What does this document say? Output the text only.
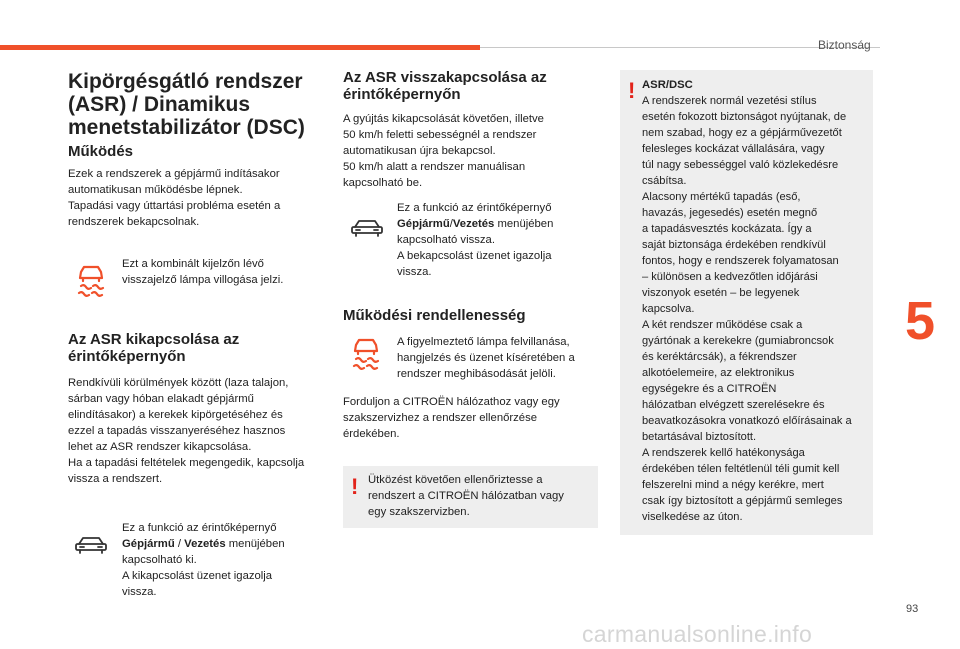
Biztonság
5
93
carmanualsonline.info
Kipörgésgátló rendszer
(ASR) / Dinamikus
menetstabilizátor (DSC)
Működés

Ezek a rendszerek a gépjármű indításakor
automatikusan működésbe lépnek.
Tapadási vagy úttartási probléma esetén a
rendszerek bekapcsolnak.

Ezt a kombinált kijelzőn lévő
visszajelző lámpa villogása jelzi.

Az ASR kikapcsolása az
érintőképernyőn

Rendkívüli körülmények között (laza talajon,
sárban vagy hóban elakadt gépjármű
elindításakor) a kerekek kipörgetéséhez és
ezzel a tapadás visszanyeréséhez hasznos
lehet az ASR rendszer kikapcsolása.
Ha a tapadási feltételek megengedik, kapcsolja
vissza a rendszert.

Ez a funkció az érintőképernyő
Gépjármű / Vezetés menüjében
kapcsolható ki.
A kikapcsolást üzenet igazolja
vissza.

Az ASR visszakapcsolása az
érintőképernyőn

A gyújtás kikapcsolását követően, illetve
50 km/h feletti sebességnél a rendszer
automatikusan újra bekapcsol.
50 km/h alatt a rendszer manuálisan
kapcsolható be.

Ez a funkció az érintőképernyő
Gépjármű/Vezetés menüjében
kapcsolható vissza.
A bekapcsolást üzenet igazolja
vissza.

Működési rendellenesség

A figyelmeztető lámpa felvillanása,
hangjelzés és üzenet kíséretében a
rendszer meghibásodását jelöli.

Forduljon a CITROËN hálózathoz vagy egy
szakszervizhez a rendszer ellenőrzése
érdekében.

! Ütközést követően ellenőriztesse a
rendszert a CITROËN hálózatban vagy
egy szakszervizben.

! ASR/DSC

A rendszerek normál vezetési stílus
esetén fokozott biztonságot nyújtanak, de
nem szabad, hogy ez a gépjárművezetőt
felesleges kockázat vállalására, vagy
túl nagy sebességgel való közlekedésre
csábítsa.
Alacsony mértékű tapadás (eső,
havazás, jegesedés) esetén megnő
a tapadásvesztés kockázata. Így a
saját biztonsága érdekében rendkívül
fontos, hogy e rendszerek folyamatosan
– különösen a kedvezőtlen időjárási
viszonyok esetén – be legyenek
kapcsolva.
A két rendszer működése csak a
gyártónak a kerekekre (gumiabroncsok
és keréktárcsák), a fékrendszer
alkotóelemeire, az elektronikus
egységekre és a CITROËN
hálózatban elvégzett szerelésekre és
beavatkozásokra vonatkozó előírásainak a
betartásával biztosított.
A rendszerek kellő hatékonysága
érdekében télen feltétlenül téli gumit kell
felszerelni mind a négy kerékre, mert
csak így biztosított a gépjármű semleges
viselkedése az úton.
